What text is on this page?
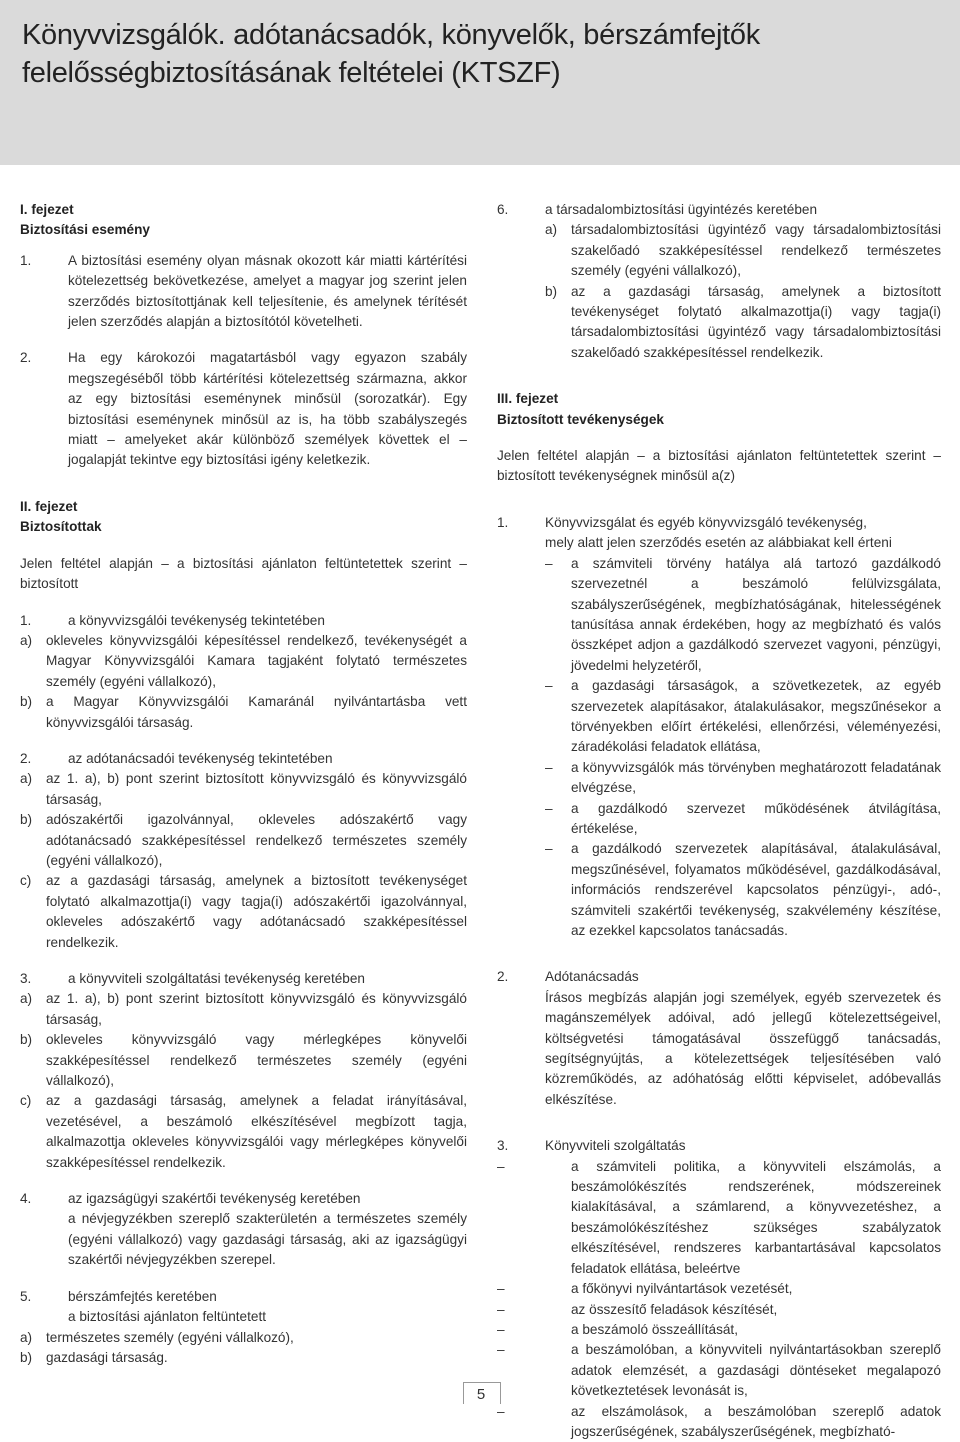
Könyvvizsgálók. adótanácsadók, könyvelők, bérszámfejtők
felelősségbiztosításának feltételei (KTSZF)
I. fejezet
Biztosítási esemény
1.	A biztosítási esemény olyan másnak okozott kár miatti kártérítési kötelezettség bekövetkezése, amelyet a magyar jog szerint jelen szerződés biztosítottjának kell teljesítenie, és amelynek térítését jelen szerződés alapján a biztosítótól követelheti.
2.	Ha egy károkozói magatartásból vagy egyazon szabály megszegéséből több kártérítési kötelezettség származna, akkor az egy biztosítási eseménynek minősül (sorozatkár). Egy biztosítási eseménynek minősül az is, ha több szabályszegés miatt – amelyeket akár különböző személyek követtek el – jogalapját tekintve egy biztosítási igény keletkezik.
II. fejezet
Biztosítottak
Jelen feltétel alapján – a biztosítási ajánlaton feltüntetettek szerint – biztosított
1.	a könyvvizsgálói tevékenység tekintetében
a)	okleveles könyvvizsgálói képesítéssel rendelkező, tevékenységét a Magyar Könyvvizsgálói Kamara tagjaként folytató természetes személy (egyéni vállalkozó),
b)	a Magyar Könyvvizsgálói Kamaránál nyilvántartásba vett könyvvizsgálói társaság.
2.	az adótanácsadói tevékenység tekintetében
a)	az 1. a), b) pont szerint biztosított könyvvizsgáló és könyvvizsgáló társaság,
b)	adószakértői igazolvánnyal, okleveles adószakértő vagy adótanácsadó szakképesítéssel rendelkező természetes személy (egyéni vállalkozó),
c)	az a gazdasági társaság, amelynek a biztosított tevékenységet folytató alkalmazottja(i) vagy tagja(i) adószakértői igazolvánnyal, okleveles adószakértő vagy adótanácsadó szakképesítéssel rendelkezik.
3.	a könyvviteli szolgáltatási tevékenység keretében
a)	az 1. a), b) pont szerint biztosított könyvvizsgáló és könyvvizsgáló társaság,
b)	okleveles könyvvizsgáló vagy mérlegképes könyvelői szakképesítéssel rendelkező természetes személy (egyéni vállalkozó),
c)	az a gazdasági társaság, amelynek a feladat irányításával, vezetésével, a beszámoló elkészítésével megbízott tagja, alkalmazottja okleveles könyvvizsgálói vagy mérlegképes könyvelői szakképesítéssel rendelkezik.
4.	az igazságügyi szakértői tevékenység keretében
a névjegyzékben szereplő szakterületén a természetes személy (egyéni vállalkozó) vagy gazdasági társaság, aki az igazságügyi szakértői névjegyzékben szerepel.
5.	bérszámfejtés keretében
a biztosítási ajánlaton feltüntetett
a)	természetes személy (egyéni vállalkozó),
b)	gazdasági társaság.
6.	a társadalombiztosítási ügyintézés keretében
a)	társadalombiztosítási ügyintéző vagy társadalombiztosítási szakelőadó szakképesítéssel rendelkező természetes személy (egyéni vállalkozó),
b)	az a gazdasági társaság, amelynek a biztosított tevékenységet folytató alkalmazottja(i) vagy tagja(i) társadalombiztosítási ügyintéző vagy társadalombiztosítási szakelőadó szakképesítéssel rendelkezik.
III. fejezet
Biztosított tevékenységek
Jelen feltétel alapján – a biztosítási ajánlaton feltüntetettek szerint – biztosított tevékenységnek minősül a(z)
1.	Könyvvizsgálat és egyéb könyvvizsgáló tevékenység,
mely alatt jelen szerződés esetén az alábbiakat kell érteni
–	a számviteli törvény hatálya alá tartozó gazdálkodó szervezetnél a beszámoló felülvizsgálata, szabályszerűségének, megbízhatóságának, hitelességének tanúsítása annak érdekében, hogy az megbízható és valós összképet adjon a gazdálkodó szervezet vagyoni, pénzügyi, jövedelmi helyzetéről,
–	a gazdasági társaságok, a szövetkezetek, az egyéb szervezetek alapításakor, átalakulásakor, megszűnésekor a törvényekben előírt értékelési, ellenőrzési, véleményezési, záradékolási feladatok ellátása,
–	a könyvvizsgálók más törvényben meghatározott feladatának elvégzése,
–	a gazdálkodó szervezet működésének átvilágítása, értékelése,
–	a gazdálkodó szervezetek alapításával, átalakulásával, megszűnésével, folyamatos működésével, gazdálkodásával, információs rendszerével kapcsolatos pénzügyi-, adó-, számviteli szakértői tevékenység, szakvélemény készítése, az ezekkel kapcsolatos tanácsadás.
2.	Adótanácsadás
Írásos megbízás alapján jogi személyek, egyéb szervezetek és magánszemélyek adóival, adó jellegű kötelezettségeivel, költségvetési támogatásával összefüggő tanácsadás, segítségnyújtás, a kötelezettségek teljesítésében való közreműködés, az adóhatóság előtti képviselet, adóbevallás elkészítése.
3.	Könyvviteli szolgáltatás
–	a számviteli politika, a könyvviteli elszámolás, a beszámolókészítés rendszerének, módszereinek kialakításával, a számlarend, a könyvvezetéshez, a beszámolókészítéshez szükséges szabályzatok elkészítésével, rendszeres karbantartásával kapcsolatos feladatok ellátása, beleértve
–	a főkönyvi nyilvántartások vezetését,
–	az összesítő feladások készítését,
–	a beszámoló összeállítását,
–	a beszámolóban, a könyvviteli nyilvántartásokban szereplő adatok elemzését, a gazdasági döntéseket megalapozó következtetések levonását is,
–	az elszámolások, a beszámolóban szereplő adatok jogszerűségének, szabályszerűségének, megbízható-
5
